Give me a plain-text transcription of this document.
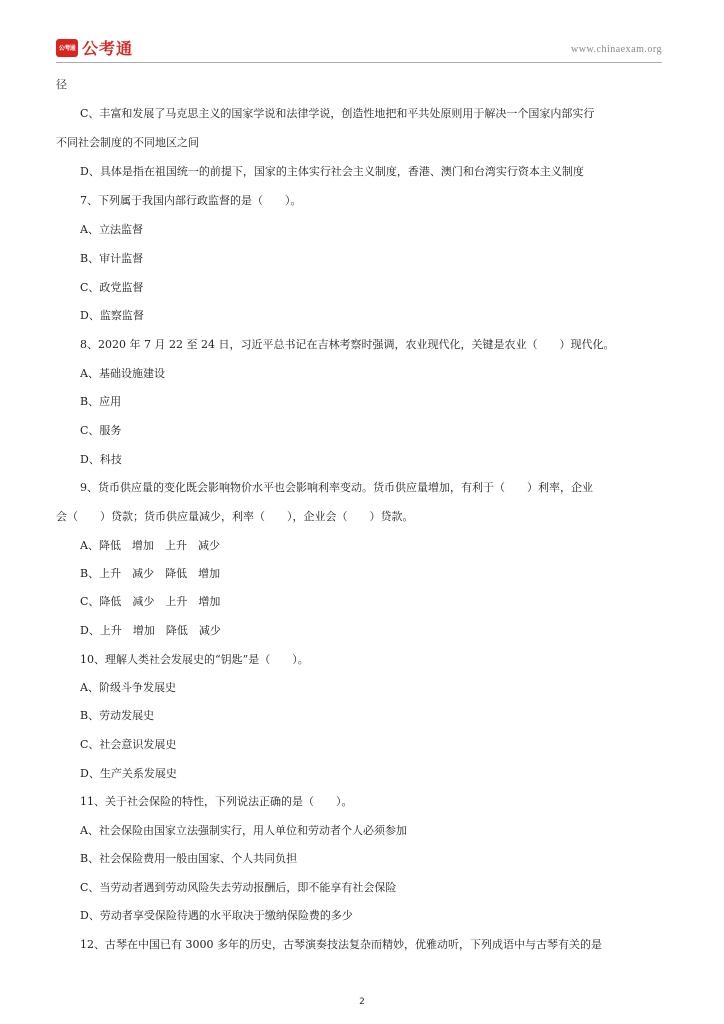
公考通 公考通	www.chinaexam.org
径
C、丰富和发展了马克思主义的国家学说和法律学说，创造性地把和平共处原则用于解决一个国家内部实行
不同社会制度的不同地区之间
D、具体是指在祖国统一的前提下，国家的主体实行社会主义制度，香港、澳门和台湾实行资本主义制度
7、下列属于我国内部行政监督的是（　　）。
A、立法监督
B、审计监督
C、政党监督
D、监察监督
8、2020 年 7 月 22 至 24 日，习近平总书记在吉林考察时强调，农业现代化，关键是农业（　　）现代化。
A、基础设施建设
B、应用
C、服务
D、科技
9、货币供应量的变化既会影响物价水平也会影响利率变动。货币供应量增加，有利于（　　）利率，企业
会（　　）贷款；货币供应量减少，利率（　　），企业会（　　）贷款。
A、降低　增加　上升　减少
B、上升　减少　降低　增加
C、降低　减少　上升　增加
D、上升　增加　降低　减少
10、理解人类社会发展史的“钥匙”是（　　）。
A、阶级斗争发展史
B、劳动发展史
C、社会意识发展史
D、生产关系发展史
11、关于社会保险的特性，下列说法正确的是（　　）。
A、社会保险由国家立法强制实行，用人单位和劳动者个人必须参加
B、社会保险费用一般由国家、个人共同负担
C、当劳动者遇到劳动风险失去劳动报酬后，即不能享有社会保险
D、劳动者享受保险待遇的水平取决于缴纳保险费的多少
12、古琴在中国已有 3000 多年的历史，古琴演奏技法复杂而精妙，优雅动听，下列成语中与古琴有关的是
2
